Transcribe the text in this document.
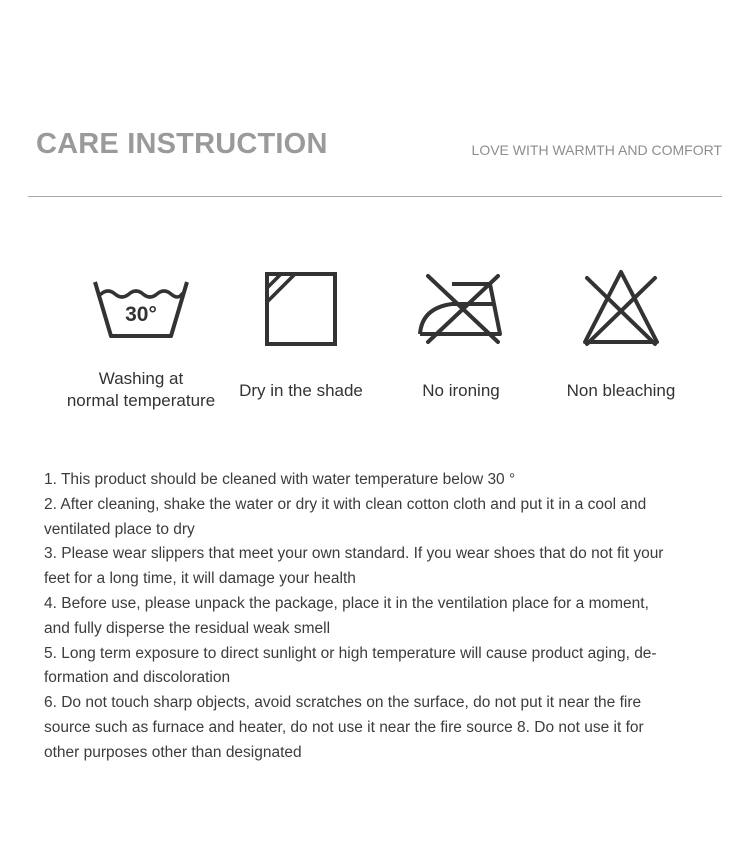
CARE INSTRUCTION	LOVE WITH WARMTH AND COMFORT
30°
Washing at
normal temperature
Dry in the shade	No ironing	Non bleaching
1. This product should be cleaned with water temperature below 30 °
2. After cleaning, shake the water or dry it with clean cotton cloth and put it in a cool and
ventilated place to dry
3. Please wear slippers that meet your own standard. If you wear shoes that do not fit your
feet for a long time, it will damage your health
4. Before use, please unpack the package, place it in the ventilation place for a moment,
and fully disperse the residual weak smell
5. Long term exposure to direct sunlight or high temperature will cause product aging, de-
formation and discoloration
6. Do not touch sharp objects, avoid scratches on the surface, do not put it near the fire
source such as furnace and heater, do not use it near the fire source 8. Do not use it for
other purposes other than designated
